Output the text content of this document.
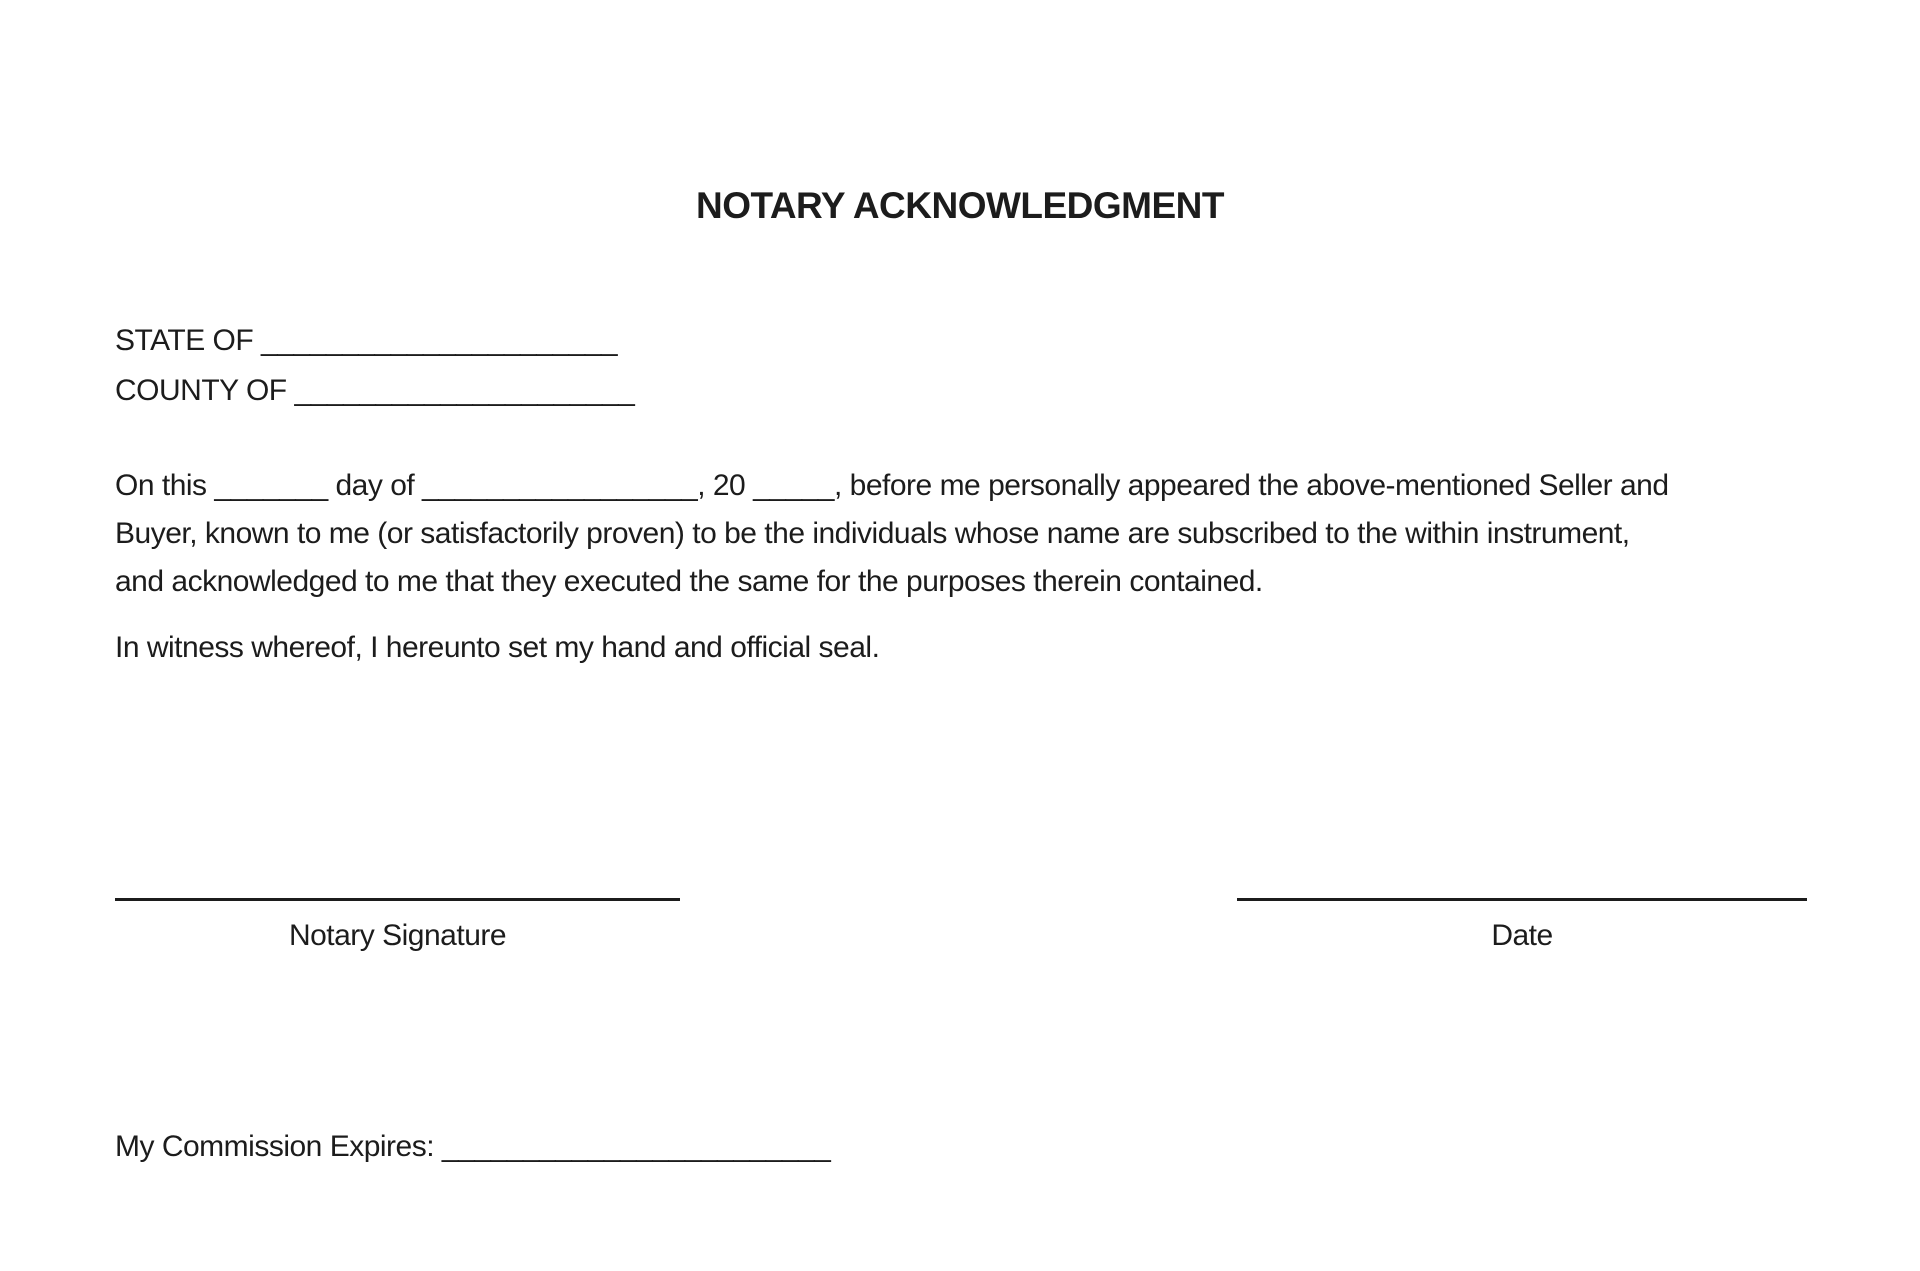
NOTARY ACKNOWLEDGMENT
STATE OF ______________________
COUNTY OF _____________________
On this _______ day of _________________, 20 _____, before me personally appeared the above-mentioned Seller and
Buyer, known to me (or satisfactorily proven) to be the individuals whose name are subscribed to the within instrument,
and acknowledged to me that they executed the same for the purposes therein contained.
In witness whereof, I hereunto set my hand and official seal.
Notary Signature	Date
My Commission Expires: ________________________
